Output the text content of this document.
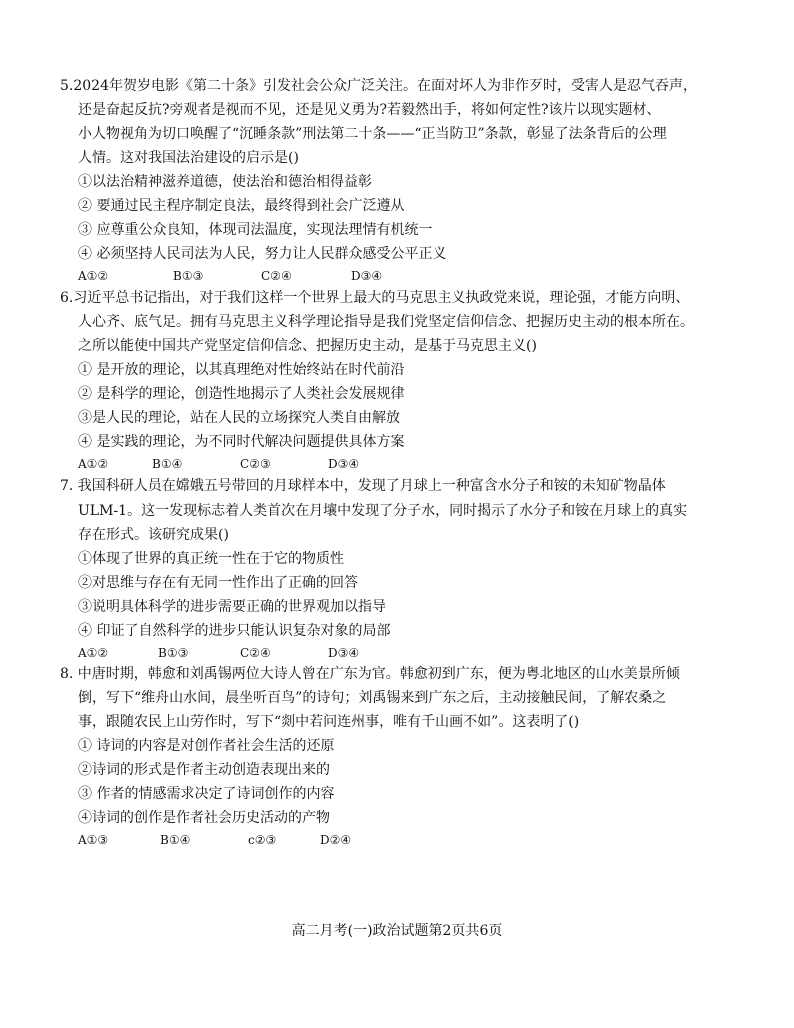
5.2024年贺岁电影《第二十条》引发社会公众广泛关注。在面对坏人为非作歹时，受害人是忍气吞声，
还是奋起反抗?旁观者是视而不见，还是见义勇为?若毅然出手，将如何定性?该片以现实题材、
小人物视角为切口唤醒了“沉睡条款”刑法第二十条——“正当防卫”条款，彰显了法条背后的公理
人情。这对我国法治建设的启示是()
①以法治精神滋养道德，使法治和德治相得益彰
② 要通过民主程序制定良法，最终得到社会广泛遵从
③ 应尊重公众良知，体现司法温度，实现法理情有机统一
④ 必须坚持人民司法为人民，努力让人民群众感受公平正义
A①②	B①③	C②④	D③④
6.习近平总书记指出，对于我们这样一个世界上最大的马克思主义执政党来说，理论强，才能方向明、
人心齐、底气足。拥有马克思主义科学理论指导是我们党坚定信仰信念、把握历史主动的根本所在。
之所以能使中国共产党坚定信仰信念、把握历史主动，是基于马克思主义()
① 是开放的理论，以其真理绝对性始终站在时代前沿
② 是科学的理论，创造性地揭示了人类社会发展规律
③是人民的理论，站在人民的立场探究人类自由解放
④ 是实践的理论，为不同时代解决问题提供具体方案
A①②	B①④	C②③	D③④
7. 我国科研人员在嫦娥五号带回的月球样本中，发现了月球上一种富含水分子和铵的未知矿物晶体
ULM-1。这一发现标志着人类首次在月壤中发现了分子水，同时揭示了水分子和铵在月球上的真实
存在形式。该研究成果()
①体现了世界的真正统一性在于它的物质性
②对思维与存在有无同一性作出了正确的回答
③说明具体科学的进步需要正确的世界观加以指导
④ 印证了自然科学的进步只能认识复杂对象的局部
A①②	B①③	C②④	D③④
8. 中唐时期，韩愈和刘禹锡两位大诗人曾在广东为官。韩愈初到广东，便为粤北地区的山水美景所倾
倒，写下“维舟山水间，晨坐听百鸟”的诗句；刘禹锡来到广东之后，主动接触民间，了解农桑之
事，跟随农民上山劳作时，写下“剡中若问连州事，唯有千山画不如”。这表明了()
① 诗词的内容是对创作者社会生活的还原
②诗词的形式是作者主动创造表现出来的
③ 作者的情感需求决定了诗词创作的内容
④诗词的创作是作者社会历史活动的产物
A①③	B①④	c②③	D②④
高二月考(一)政治试题第2页共6页
